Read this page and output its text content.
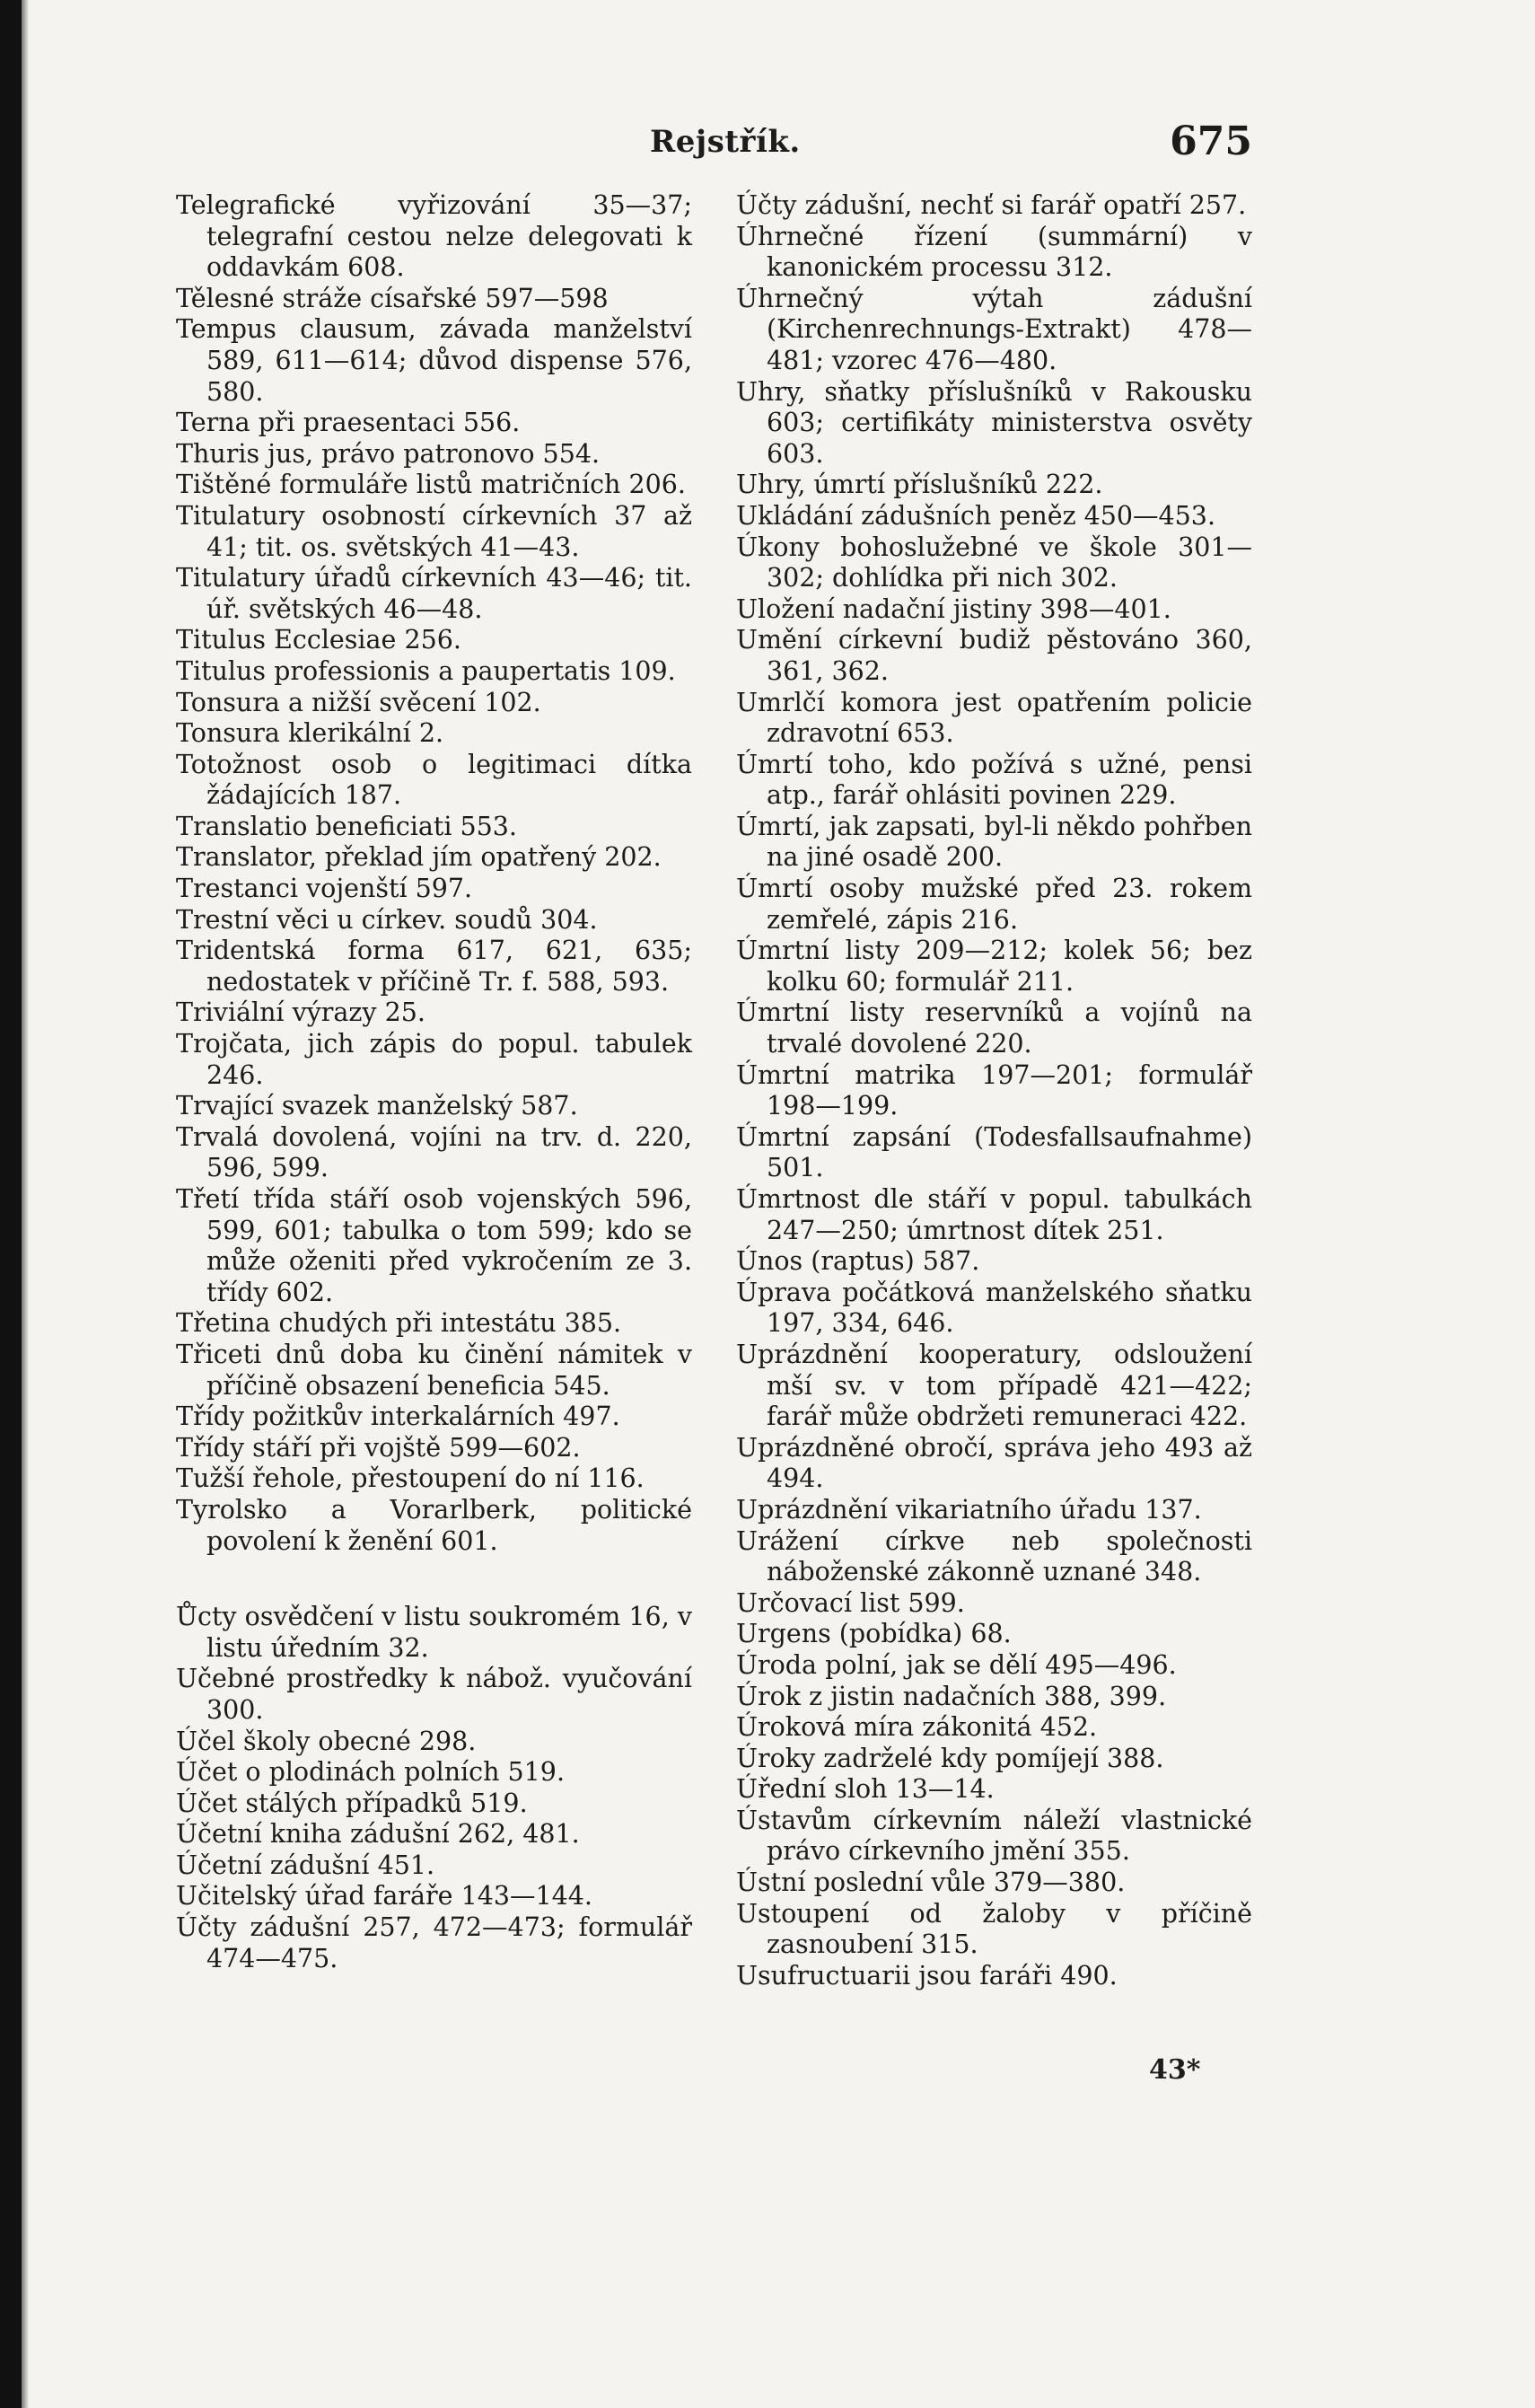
Rejstřík.	675

Telegrafické vyřizování 35—37; telegrafní cestou nelze delegovati k oddavkám 608.

Tělesné stráže císařské 597—598

Tempus clausum, závada manželství 589, 611—614; důvod dispense 576, 580.

Terna při praesentaci 556.

Thuris jus, právo patronovo 554.

Tištěné formuláře listů matričních 206.

Titulatury osobností církevních 37 až 41; tit. os. světských 41—43.

Titulatury úřadů církevních 43—46; tit. úř. světských 46—48.

Titulus Ecclesiae 256.

Titulus professionis a paupertatis 109.

Tonsura a nižší svěcení 102.

Tonsura klerikální 2.

Totožnost osob o legitimaci dítka žádajících 187.

Translatio beneficiati 553.

Translator, překlad jím opatřený 202.

Trestanci vojenští 597.

Trestní věci u církev. soudů 304.

Tridentská forma 617, 621, 635; nedostatek v příčině Tr. f. 588, 593.

Triviální výrazy 25.

Trojčata, jich zápis do popul. tabulek 246.

Trvající svazek manželský 587.

Trvalá dovolená, vojíni na trv. d. 220, 596, 599.

Třetí třída stáří osob vojenských 596, 599, 601; tabulka o tom 599; kdo se může oženiti před vykročením ze 3. třídy 602.

Třetina chudých při intestátu 385.

Třiceti dnů doba ku činění námitek v příčině obsazení beneficia 545.

Třídy požitkův interkalárních 497.

Třídy stáří při vojště 599—602.

Tužší řehole, přestoupení do ní 116.

Tyrolsko a Vorarlberk, politické povolení k ženění 601.

Ůcty osvědčení v listu soukromém 16, v listu úředním 32.

Učebné prostředky k nábož. vyučování 300.

Účel školy obecné 298.

Účet o plodinách polních 519.

Účet stálých případků 519.

Účetní kniha zádušní 262, 481.

Účetní zádušní 451.

Učitelský úřad faráře 143—144.

Účty zádušní 257, 472—473; formulář 474—475.

Účty zádušní, nechť si farář opatří 257.

Úhrnečné řízení (summární) v kanonickém processu 312.

Úhrnečný výtah zádušní (Kirchenrechnungs-Extrakt) 478—481; vzorec 476—480.

Uhry, sňatky příslušníků v Rakousku 603; certifikáty ministerstva osvěty 603.

Uhry, úmrtí příslušníků 222.

Ukládání zádušních peněz 450—453.

Úkony bohoslužebné ve škole 301—302; dohlídka při nich 302.

Uložení nadační jistiny 398—401.

Umění církevní budiž pěstováno 360, 361, 362.

Umrlčí komora jest opatřením policie zdravotní 653.

Úmrtí toho, kdo požívá s užné, pensi atp., farář ohlásiti povinen 229.

Úmrtí, jak zapsati, byl-li někdo pohřben na jiné osadě 200.

Úmrtí osoby mužské před 23. rokem zemřelé, zápis 216.

Úmrtní listy 209—212; kolek 56; bez kolku 60; formulář 211.

Úmrtní listy reservníků a vojínů na trvalé dovolené 220.

Úmrtní matrika 197—201; formulář 198—199.

Úmrtní zapsání (Todesfallsaufnahme) 501.

Úmrtnost dle stáří v popul. tabulkách 247—250; úmrtnost dítek 251.

Únos (raptus) 587.

Úprava počátková manželského sňatku 197, 334, 646.

Uprázdnění kooperatury, odsloužení mší sv. v tom případě 421—422; farář může obdržeti remuneraci 422.

Uprázdněné obročí, správa jeho 493 až 494.

Uprázdnění vikariatního úřadu 137.

Urážení církve neb společnosti náboženské zákonně uznané 348.

Určovací list 599.

Urgens (pobídka) 68.

Úroda polní, jak se dělí 495—496.

Úrok z jistin nadačních 388, 399.

Úroková míra zákonitá 452.

Úroky zadrželé kdy pomíjejí 388.

Úřední sloh 13—14.

Ústavům církevním náleží vlastnické právo církevního jmění 355.

Ústní poslední vůle 379—380.

Ustoupení od žaloby v příčině zasnoubení 315.

Usufructuarii jsou faráři 490.

43*
